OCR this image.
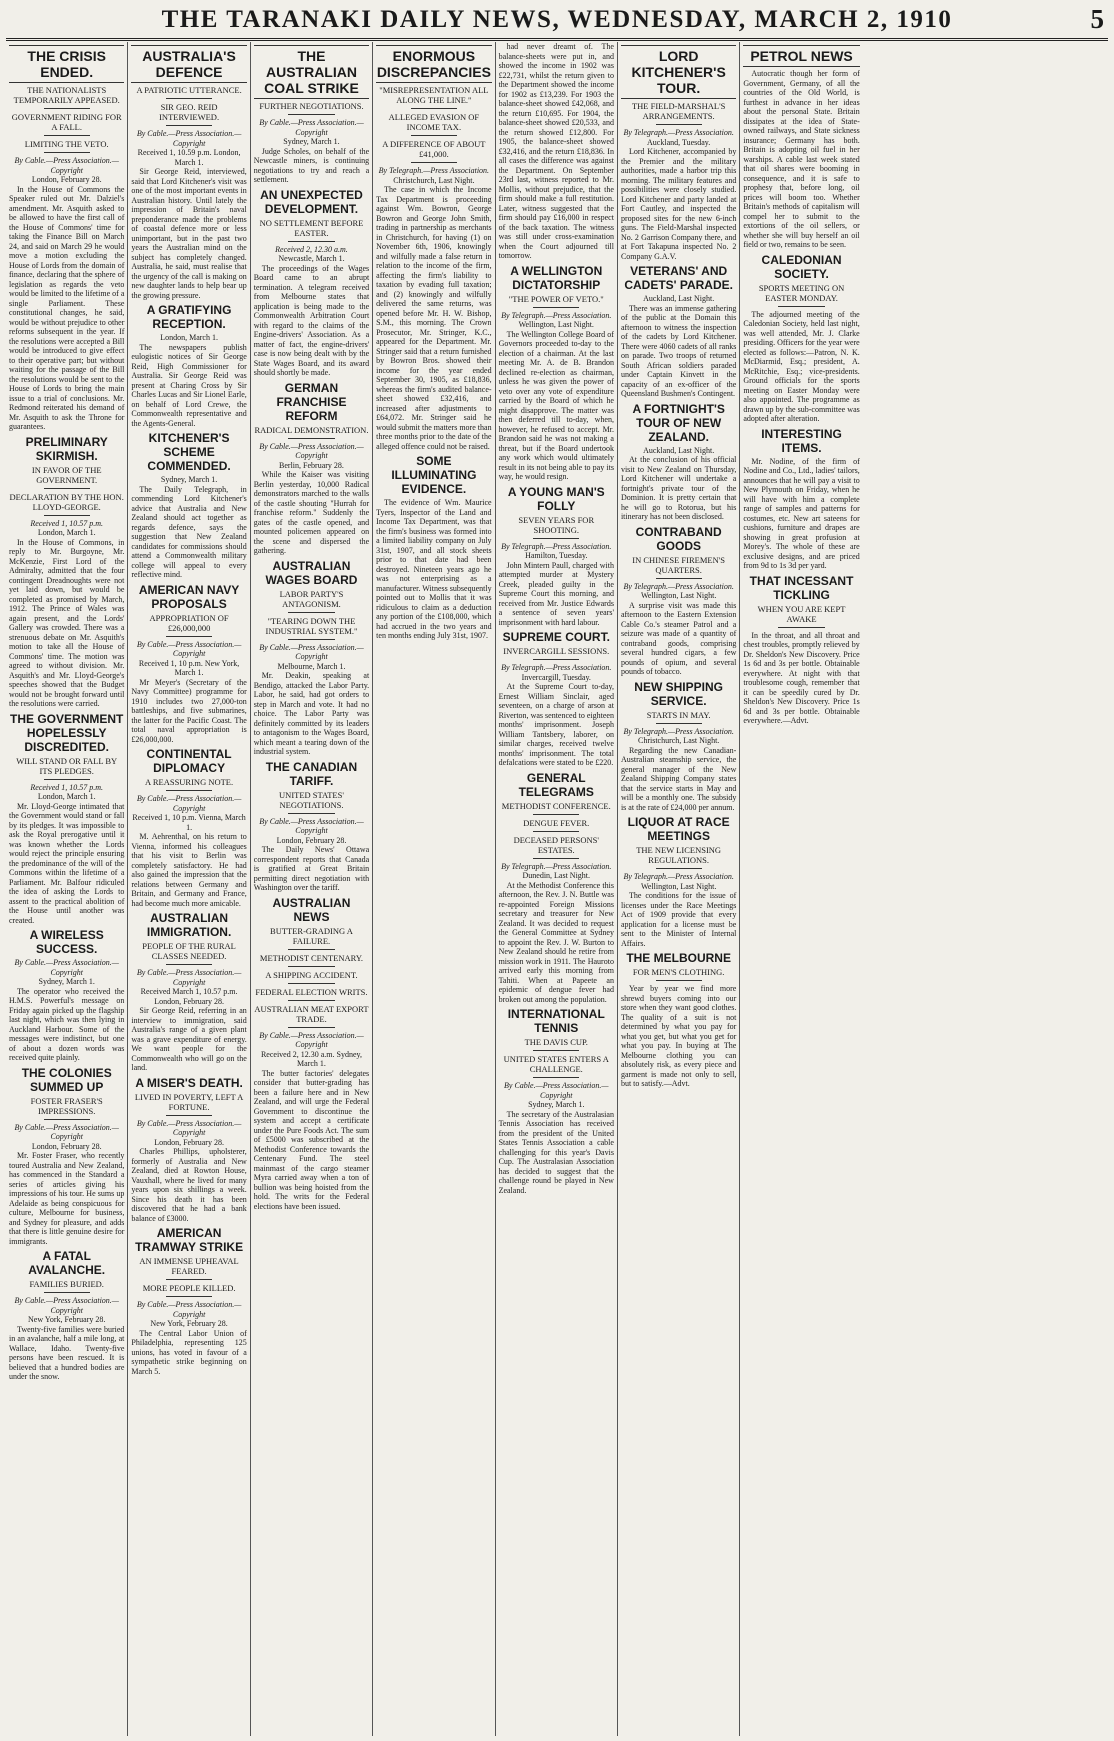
THE TARANAKI DAILY NEWS, WEDNESDAY, MARCH 2, 1910	5
THE CRISIS ENDED.
THE NATIONALISTS TEMPORARILY APPEASED.
GOVERNMENT RIDING FOR A FALL.
LIMITING THE VETO.

By Cable.—Press Association.—Copyright

London, February 28.

In the House of Commons the Speaker ruled out Mr. Dalziel's amendment. Mr. Asquith asked to be allowed to have the first call of the House of Commons' time for taking the Finance Bill on March 24, and said on March 29 he would move a motion excluding the House of Lords from the domain of finance, declaring that the sphere of legislation as regards the veto would be limited to the lifetime of a single Parliament. These constitutional changes, he said, would be without prejudice to other reforms subsequent in the year. If the resolutions were accepted a Bill would be introduced to give effect to their operative part; but without waiting for the passage of the Bill the resolutions would be sent to the House of Lords to bring the main issue to a trial of conclusions. Mr. Redmond reiterated his demand of Mr. Asquith to ask the Throne for guarantees.

PRELIMINARY SKIRMISH.
IN FAVOR OF THE GOVERNMENT.
DECLARATION BY THE HON. LLOYD-GEORGE.

Received 1, 10.57 p.m.

London, March 1.

In the House of Commons, in reply to Mr. Burgoyne, Mr. McKenzie, First Lord of the Admiralty, admitted that the four contingent Dreadnoughts were not yet laid down, but would be completed as promised by March, 1912. The Prince of Wales was again present, and the Lords' Gallery was crowded. There was a strenuous debate on Mr. Asquith's motion to take all the House of Commons' time. The motion was agreed to without division. Mr. Asquith's and Mr. Lloyd-George's speeches showed that the Budget would not be brought forward until the resolutions were carried.

THE GOVERNMENT HOPELESSLY DISCREDITED.
WILL STAND OR FALL BY ITS PLEDGES.

Received 1, 10.57 p.m.

London, March 1.

Mr. Lloyd-George intimated that the Government would stand or fall by its pledges. It was impossible to ask the Royal prerogative until it was known whether the Lords would reject the principle ensuring the predominance of the will of the Commons within the lifetime of a Parliament. Mr. Balfour ridiculed the idea of asking the Lords to assent to the practical abolition of the House until another was created.

A WIRELESS SUCCESS.

By Cable.—Press Association.—Copyright

Sydney, March 1.

The operator who received the H.M.S. Powerful's message on Friday again picked up the flagship last night, which was then lying in Auckland Harbour. Some of the messages were indistinct, but one of about a dozen words was received quite plainly.

THE COLONIES SUMMED UP
FOSTER FRASER'S IMPRESSIONS.

By Cable.—Press Association.—Copyright

London, February 28.

Mr. Foster Fraser, who recently toured Australia and New Zealand, has commenced in the Standard a series of articles giving his impressions of his tour. He sums up Adelaide as being conspicuous for culture, Melbourne for business, and Sydney for pleasure, and adds that there is little genuine desire for immigrants.

A FATAL AVALANCHE.
FAMILIES BURIED.

By Cable.—Press Association.—Copyright

New York, February 28.

Twenty-five families were buried in an avalanche, half a mile long, at Wallace, Idaho. Twenty-five persons have been rescued. It is believed that a hundred bodies are under the snow.

AUSTRALIA'S DEFENCE
A PATRIOTIC UTTERANCE.
SIR GEO. REID INTERVIEWED.

By Cable.—Press Association.—Copyright

Received 1, 10.59 p.m. London, March 1.

Sir George Reid, interviewed, said that Lord Kitchener's visit was one of the most important events in Australian history. Until lately the impression of Britain's naval preponderance made the problems of coastal defence more or less unimportant, but in the past two years the Australian mind on the subject has completely changed. Australia, he said, must realise that the urgency of the call is making on new daughter lands to help bear up the growing pressure.

A GRATIFYING RECEPTION.

London, March 1.

The newspapers publish eulogistic notices of Sir George Reid, High Commissioner for Australia. Sir George Reid was present at Charing Cross by Sir Charles Lucas and Sir Lionel Earle, on behalf of Lord Crewe, the Commonwealth representative and the Agents-General.

KITCHENER'S SCHEME COMMENDED.

Sydney, March 1.

The Daily Telegraph, in commending Lord Kitchener's advice that Australia and New Zealand should act together as regards defence, says the suggestion that New Zealand candidates for commissions should attend a Commonwealth military college will appeal to every reflective mind.

AMERICAN NAVY PROPOSALS
APPROPRIATION OF £26,000,000

By Cable.—Press Association.—Copyright

Received 1, 10 p.m. New York, March 1.

Mr Meyer's (Secretary of the Navy Committee) programme for 1910 includes two 27,000-ton battleships, and five submarines, the latter for the Pacific Coast. The total naval appropriation is £26,000,000.

CONTINENTAL DIPLOMACY
A REASSURING NOTE.

By Cable.—Press Association.—Copyright

Received 1, 10 p.m. Vienna, March 1.

M. Aehrenthal, on his return to Vienna, informed his colleagues that his visit to Berlin was completely satisfactory. He had also gained the impression that the relations between Germany and Britain, and Germany and France, had become much more amicable.

AUSTRALIAN IMMIGRATION.
PEOPLE OF THE RURAL CLASSES NEEDED.

By Cable.—Press Association.—Copyright

Received March 1, 10.57 p.m. London, February 28.

Sir George Reid, referring in an interview to immigration, said Australia's range of a given plant was a grave expenditure of energy. We want people for the Commonwealth who will go on the land.

A MISER'S DEATH.
LIVED IN POVERTY, LEFT A FORTUNE.

By Cable.—Press Association.—Copyright

London, February 28.

Charles Phillips, upholsterer, formerly of Australia and New Zealand, died at Rowton House, Vauxhall, where he lived for many years upon six shillings a week. Since his death it has been discovered that he had a bank balance of £3000.

AMERICAN TRAMWAY STRIKE
AN IMMENSE UPHEAVAL FEARED.
MORE PEOPLE KILLED.

By Cable.—Press Association.—Copyright

New York, February 28.

The Central Labor Union of Philadelphia, representing 125 unions, has voted in favour of a sympathetic strike beginning on March 5.

THE AUSTRALIAN COAL STRIKE
FURTHER NEGOTIATIONS.

By Cable.—Press Association.—Copyright

Sydney, March 1.

Judge Scholes, on behalf of the Newcastle miners, is continuing negotiations to try and reach a settlement.

AN UNEXPECTED DEVELOPMENT.
NO SETTLEMENT BEFORE EASTER.

Received 2, 12.30 a.m.

Newcastle, March 1.

The proceedings of the Wages Board came to an abrupt termination. A telegram received from Melbourne states that application is being made to the Commonwealth Arbitration Court with regard to the claims of the Engine-drivers' Association. As a matter of fact, the engine-drivers' case is now being dealt with by the State Wages Board, and its award should shortly be made.

GERMAN FRANCHISE REFORM
RADICAL DEMONSTRATION.

By Cable.—Press Association.—Copyright

Berlin, February 28.

While the Kaiser was visiting Berlin yesterday, 10,000 Radical demonstrators marched to the walls of the castle shouting "Hurrah for franchise reform." Suddenly the gates of the castle opened, and mounted policemen appeared on the scene and dispersed the gathering.

AUSTRALIAN WAGES BOARD
LABOR PARTY'S ANTAGONISM.
"TEARING DOWN THE INDUSTRIAL SYSTEM."

By Cable.—Press Association.—Copyright

Melbourne, March 1.

Mr. Deakin, speaking at Bendigo, attacked the Labor Party. Labor, he said, had got orders to step in March and vote. It had no choice. The Labor Party was definitely committed by its leaders to antagonism to the Wages Board, which meant a tearing down of the industrial system.

THE CANADIAN TARIFF.
UNITED STATES' NEGOTIATIONS.

By Cable.—Press Association.—Copyright

London, February 28.

The Daily News' Ottawa correspondent reports that Canada is gratified at Great Britain permitting direct negotiation with Washington over the tariff.

AUSTRALIAN NEWS
BUTTER-GRADING A FAILURE.
METHODIST CENTENARY.
A SHIPPING ACCIDENT.
FEDERAL ELECTION WRITS.
AUSTRALIAN MEAT EXPORT TRADE.

By Cable.—Press Association.—Copyright

Received 2, 12.30 a.m. Sydney, March 1.

The butter factories' delegates consider that butter-grading has been a failure here and in New Zealand, and will urge the Federal Government to discontinue the system and accept a certificate under the Pure Foods Act. The sum of £5000 was subscribed at the Methodist Conference towards the Centenary Fund. The steel mainmast of the cargo steamer Myra carried away when a ton of bullion was being hoisted from the hold. The writs for the Federal elections have been issued.

ENORMOUS DISCREPANCIES
"MISREPRESENTATION ALL ALONG THE LINE."
ALLEGED EVASION OF INCOME TAX.
A DIFFERENCE OF ABOUT £41,000.

By Telegraph.—Press Association.

Christchurch, Last Night.

The case in which the Income Tax Department is proceeding against Wm. Bowron, George Bowron and George John Smith, trading in partnership as merchants in Christchurch, for having (1) on November 6th, 1906, knowingly and wilfully made a false return in relation to the income of the firm, affecting the firm's liability to taxation by evading full taxation; and (2) knowingly and wilfully delivered the same returns, was opened before Mr. H. W. Bishop, S.M., this morning. The Crown Prosecutor, Mr. Stringer, K.C., appeared for the Department. Mr. Stringer said that a return furnished by Bowron Bros. showed their income for the year ended September 30, 1905, as £18,836, whereas the firm's audited balance-sheet showed £32,416, and increased after adjustments to £64,072. Mr. Stringer said he would submit the matters more than three months prior to the date of the alleged offence could not be raised.

SOME ILLUMINATING EVIDENCE.

The evidence of Wm. Maurice Tyers, Inspector of the Land and Income Tax Department, was that the firm's business was formed into a limited liability company on July 31st, 1907, and all stock sheets prior to that date had been destroyed. Nineteen years ago he was not enterprising as a manufacturer. Witness subsequently pointed out to Mollis that it was ridiculous to claim as a deduction any portion of the £108,000, which had accrued in the two years and ten months ending July 31st, 1907.

had never dreamt of. The balance-sheets were put in, and showed the income in 1902 was £22,731, whilst the return given to the Department showed the income for 1902 as £13,239. For 1903 the balance-sheet showed £42,068, and the return £10,695. For 1904, the balance-sheet showed £20,533, and the return showed £12,800. For 1905, the balance-sheet showed £32,416, and the return £18,836. In all cases the difference was against the Department. On September 23rd last, witness reported to Mr. Mollis, without prejudice, that the firm should make a full restitution. Later, witness suggested that the firm should pay £16,000 in respect of the back taxation. The witness was still under cross-examination when the Court adjourned till tomorrow.

A WELLINGTON DICTATORSHIP
"THE POWER OF VETO."

By Telegraph.—Press Association.

Wellington, Last Night.

The Wellington College Board of Governors proceeded to-day to the election of a chairman. At the last meeting Mr. A. de B. Brandon declined re-election as chairman, unless he was given the power of veto over any vote of expenditure carried by the Board of which he might disapprove. The matter was then deferred till to-day, when, however, he refused to accept. Mr. Brandon said he was not making a threat, but if the Board undertook any work which would ultimately result in its not being able to pay its way, he would resign.

A YOUNG MAN'S FOLLY
SEVEN YEARS FOR SHOOTING.

By Telegraph.—Press Association.

Hamilton, Tuesday.

John Mintern Paull, charged with attempted murder at Mystery Creek, pleaded guilty in the Supreme Court this morning, and received from Mr. Justice Edwards a sentence of seven years' imprisonment with hard labour.

SUPREME COURT.
INVERCARGILL SESSIONS.

By Telegraph.—Press Association.

Invercargill, Tuesday.

At the Supreme Court to-day, Ernest William Sinclair, aged seventeen, on a charge of arson at Riverton, was sentenced to eighteen months' imprisonment. Joseph William Tantsbery, laborer, on similar charges, received twelve months' imprisonment. The total defalcations were stated to be £220.

GENERAL TELEGRAMS
METHODIST CONFERENCE.
DENGUE FEVER.
DECEASED PERSONS' ESTATES.

By Telegraph.—Press Association.

Dunedin, Last Night.

At the Methodist Conference this afternoon, the Rev. J. N. Buttle was re-appointed Foreign Missions secretary and treasurer for New Zealand. It was decided to request the General Committee at Sydney to appoint the Rev. J. W. Burton to New Zealand should he retire from mission work in 1911. The Hauroto arrived early this morning from Tahiti. When at Papeete an epidemic of dengue fever had broken out among the population.

INTERNATIONAL TENNIS
THE DAVIS CUP.
UNITED STATES ENTERS A CHALLENGE.

By Cable.—Press Association.—Copyright

Sydney, March 1.

The secretary of the Australasian Tennis Association has received from the president of the United States Tennis Association a cable challenging for this year's Davis Cup. The Australasian Association has decided to suggest that the challenge round be played in New Zealand.

LORD KITCHENER'S TOUR.
THE FIELD-MARSHAL'S ARRANGEMENTS.

By Telegraph.—Press Association.

Auckland, Tuesday.

Lord Kitchener, accompanied by the Premier and the military authorities, made a harbor trip this morning. The military features and possibilities were closely studied. Lord Kitchener and party landed at Fort Cautley, and inspected the proposed sites for the new 6-inch guns. The Field-Marshal inspected No. 2 Garrison Company there, and at Fort Takapuna inspected No. 2 Company G.A.V.

VETERANS' AND CADETS' PARADE.

Auckland, Last Night.

There was an immense gathering of the public at the Domain this afternoon to witness the inspection of the cadets by Lord Kitchener. There were 4060 cadets of all ranks on parade. Two troops of returned South African soldiers paraded under Captain Kinvett in the capacity of an ex-officer of the Queensland Bushmen's Contingent.

A FORTNIGHT'S TOUR OF NEW ZEALAND.

Auckland, Last Night.

At the conclusion of his official visit to New Zealand on Thursday, Lord Kitchener will undertake a fortnight's private tour of the Dominion. It is pretty certain that he will go to Rotorua, but his itinerary has not been disclosed.

CONTRABAND GOODS
IN CHINESE FIREMEN'S QUARTERS.

By Telegraph.—Press Association.

Wellington, Last Night.

A surprise visit was made this afternoon to the Eastern Extension Cable Co.'s steamer Patrol and a seizure was made of a quantity of contraband goods, comprising several hundred cigars, a few pounds of opium, and several pounds of tobacco.

NEW SHIPPING SERVICE.
STARTS IN MAY.

By Telegraph.—Press Association.

Christchurch, Last Night.

Regarding the new Canadian-Australian steamship service, the general manager of the New Zealand Shipping Company states that the service starts in May and will be a monthly one. The subsidy is at the rate of £24,000 per annum.

LIQUOR AT RACE MEETINGS
THE NEW LICENSING REGULATIONS.

By Telegraph.—Press Association.

Wellington, Last Night.

The conditions for the issue of licenses under the Race Meetings Act of 1909 provide that every application for a license must be sent to the Minister of Internal Affairs.

THE MELBOURNE
FOR MEN'S CLOTHING.

Year by year we find more shrewd buyers coming into our store when they want good clothes. The quality of a suit is not determined by what you pay for what you get, but what you get for what you pay. In buying at The Melbourne clothing you can absolutely risk, as every piece and garment is made not only to sell, but to satisfy.—Advt.

PETROL NEWS

Autocratic though her form of Government, Germany, of all the countries of the Old World, is furthest in advance in her ideas about the personal State. Britain dissipates at the idea of State-owned railways, and State sickness insurance; Germany has both. Britain is adopting oil fuel in her warships. A cable last week stated that oil shares were booming in consequence, and it is safe to prophesy that, before long, oil prices will boom too. Whether Britain's methods of capitalism will compel her to submit to the extortions of the oil sellers, or whether she will buy herself an oil field or two, remains to be seen.

CALEDONIAN SOCIETY.
SPORTS MEETING ON EASTER MONDAY.

The adjourned meeting of the Caledonian Society, held last night, was well attended, Mr. J. Clarke presiding. Officers for the year were elected as follows:—Patron, N. K. McDiarmid, Esq.; president, A. McRitchie, Esq.; vice-presidents. Ground officials for the sports meeting on Easter Monday were also appointed. The programme as drawn up by the sub-committee was adopted after alteration.

INTERESTING ITEMS.

Mr. Nodine, of the firm of Nodine and Co., Ltd., ladies' tailors, announces that he will pay a visit to New Plymouth on Friday, when he will have with him a complete range of samples and patterns for costumes, etc. New art sateens for cushions, furniture and drapes are showing in great profusion at Morey's. The whole of these are exclusive designs, and are priced from 9d to 1s 3d per yard.

THAT INCESSANT TICKLING
WHEN YOU ARE KEPT AWAKE

In the throat, and all throat and chest troubles, promptly relieved by Dr. Sheldon's New Discovery. Price 1s 6d and 3s per bottle. Obtainable everywhere. At night with that troublesome cough, remember that it can be speedily cured by Dr. Sheldon's New Discovery. Price 1s 6d and 3s per bottle. Obtainable everywhere.—Advt.
